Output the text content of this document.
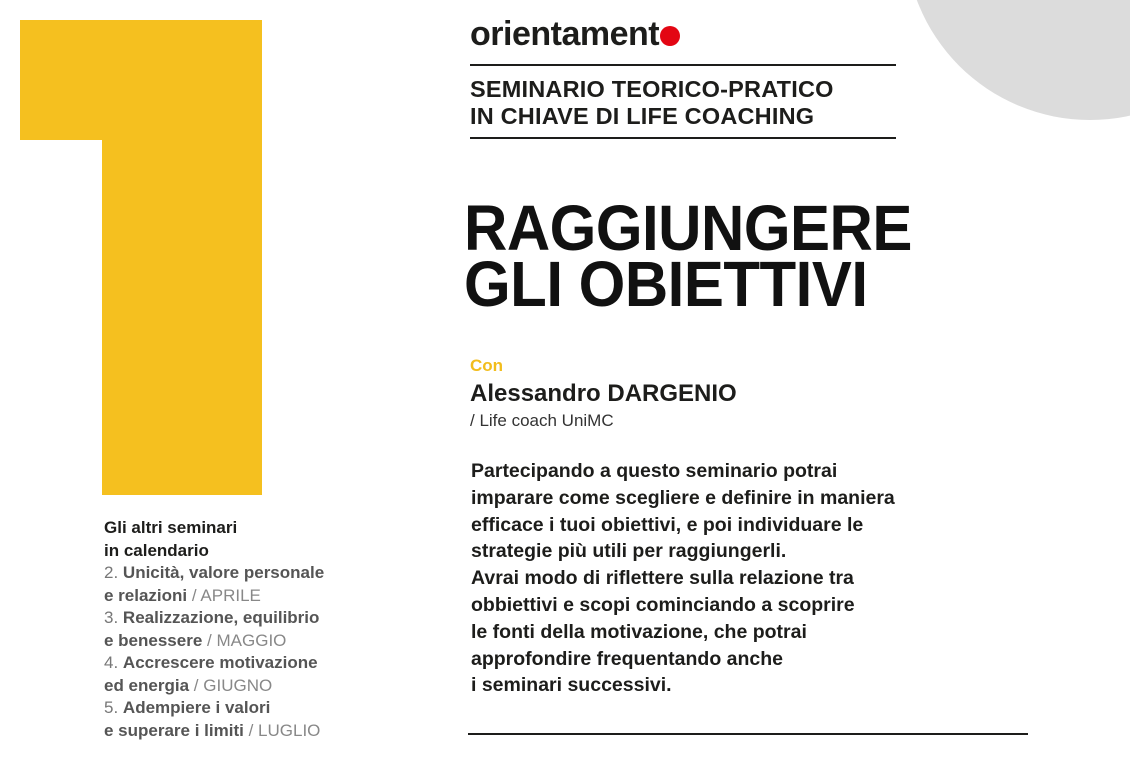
orientament
SEMINARIO TEORICO-PRATICO
IN CHIAVE DI LIFE COACHING
RAGGIUNGERE
GLI OBIETTIVI
Con
Alessandro DARGENIO
/ Life coach UniMC
Partecipando a questo seminario potrai
imparare come scegliere e definire in maniera
efficace i tuoi obiettivi, e poi individuare le
strategie più utili per raggiungerli.
Avrai modo di riflettere sulla relazione tra
obbiettivi e scopi cominciando a scoprire
le fonti della motivazione, che potrai
approfondire frequentando anche
i seminari successivi.
Gli altri seminari
in calendario
2. Unicità, valore personale
e relazioni / APRILE
3. Realizzazione, equilibrio
e benessere / MAGGIO
4. Accrescere motivazione
ed energia / GIUGNO
5. Adempiere i valori
e superare i limiti / LUGLIO
